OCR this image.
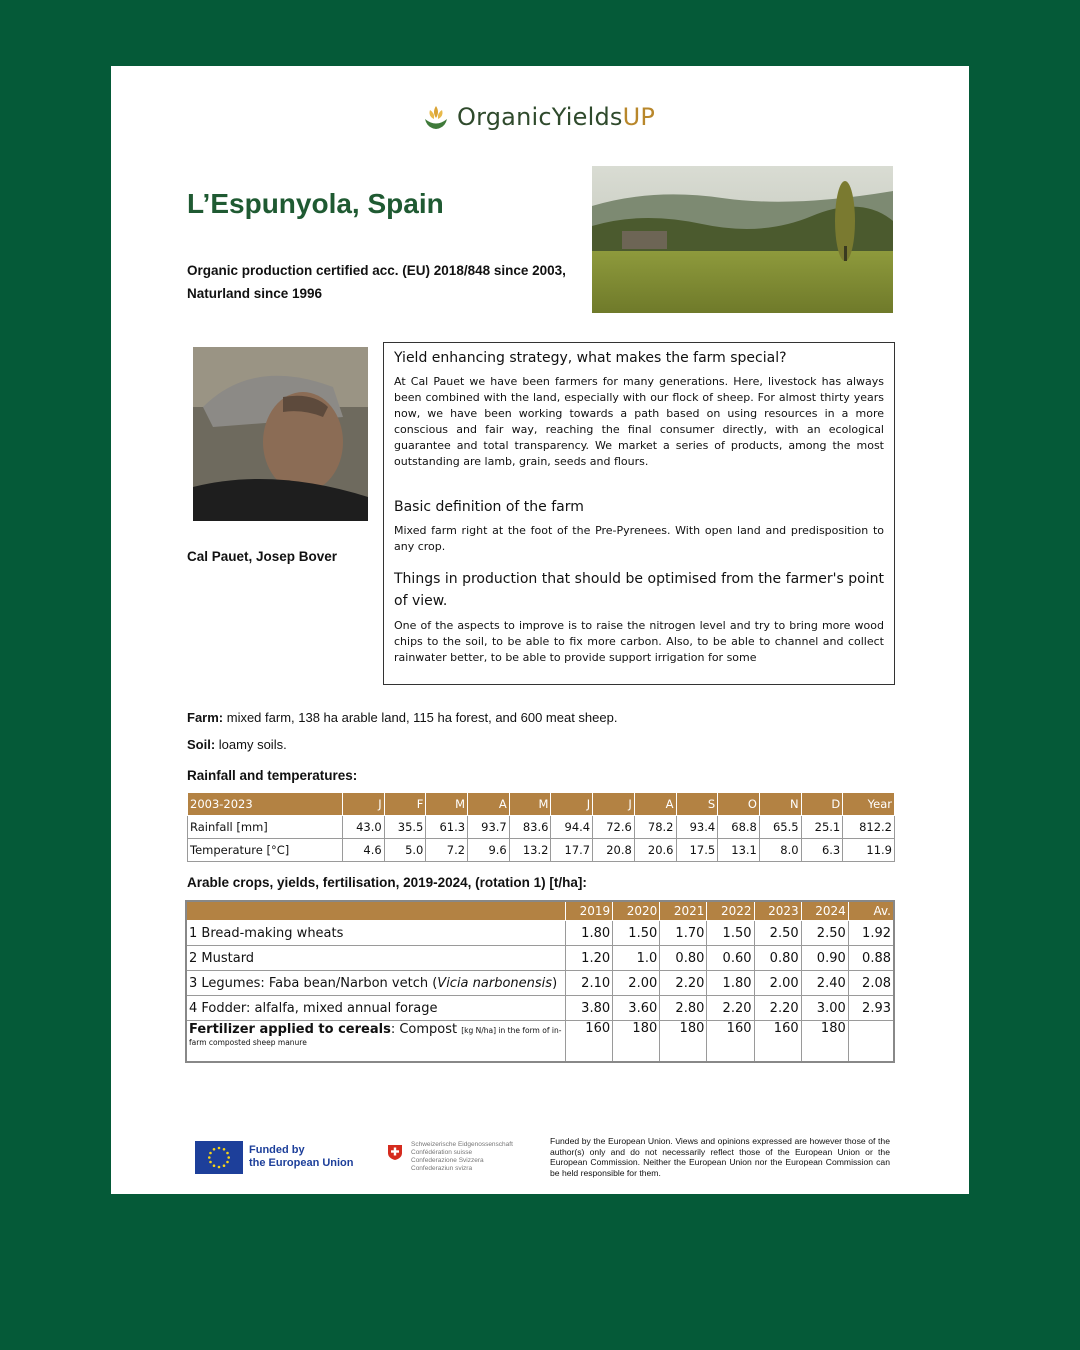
OrganicYieldsUP
L’Espunyola, Spain
Organic production certified acc. (EU) 2018/848 since 2003, Naturland since 1996
Cal Pauet, Josep Bover
Yield enhancing strategy, what makes the farm special?

At Cal Pauet we have been farmers for many generations. Here, livestock has always been combined with the land, especially with our flock of sheep. For almost thirty years now, we have been working towards a path based on using resources in a more conscious and fair way, reaching the final consumer directly, with an ecological guarantee and total transparency. We market a series of products, among the most outstanding are lamb, grain, seeds and flours.

Basic definition of the farm

Mixed farm right at the foot of the Pre-Pyrenees. With open land and predisposition to any crop.

Things in production that should be optimised from the farmer's point of view.

One of the aspects to improve is to raise the nitrogen level and try to bring more wood chips to the soil, to be able to fix more carbon. Also, to be able to channel and collect rainwater better, to be able to provide support irrigation for some

Farm: mixed farm, 138 ha arable land, 115 ha forest, and 600 meat sheep.
Soil: loamy soils.
Rainfall and temperatures:
2003-2023	J	F	M	A	M	J	J	A	S	O	N	D	Year
Rainfall [mm]	43.0	35.5	61.3	93.7	83.6	94.4	72.6	78.2	93.4	68.8	65.5	25.1	812.2
Temperature [°C]	4.6	5.0	7.2	9.6	13.2	17.7	20.8	20.6	17.5	13.1	8.0	6.3	11.9
Arable crops, yields, fertilisation, 2019-2024, (rotation 1) [t/ha]:
	2019	2020	2021	2022	2023	2024	Av.
1 Bread-making wheats	1.80	1.50	1.70	1.50	2.50	2.50	1.92
2 Mustard	1.20	1.0	0.80	0.60	0.80	0.90	0.88
3 Legumes: Faba bean/Narbon vetch (Vicia narbonensis)	2.10	2.00	2.20	1.80	2.00	2.40	2.08
4 Fodder: alfalfa, mixed annual forage	3.80	3.60	2.80	2.20	2.20	3.00	2.93
Fertilizer applied to cereals: Compost [kg N/ha] in the form of in-
farm composted sheep manure	160	180	180	160	160	180	
Funded by
the European Union
Schweizerische Eidgenossenschaft
Confédération suisse
Confederazione Svizzera
Confederaziun svizra
Funded by the European Union. Views and opinions expressed are however those of the author(s) only and do not necessarily reflect those of the European Union or the European Commission. Neither the European Union nor the European Commission can be held responsible for them.
